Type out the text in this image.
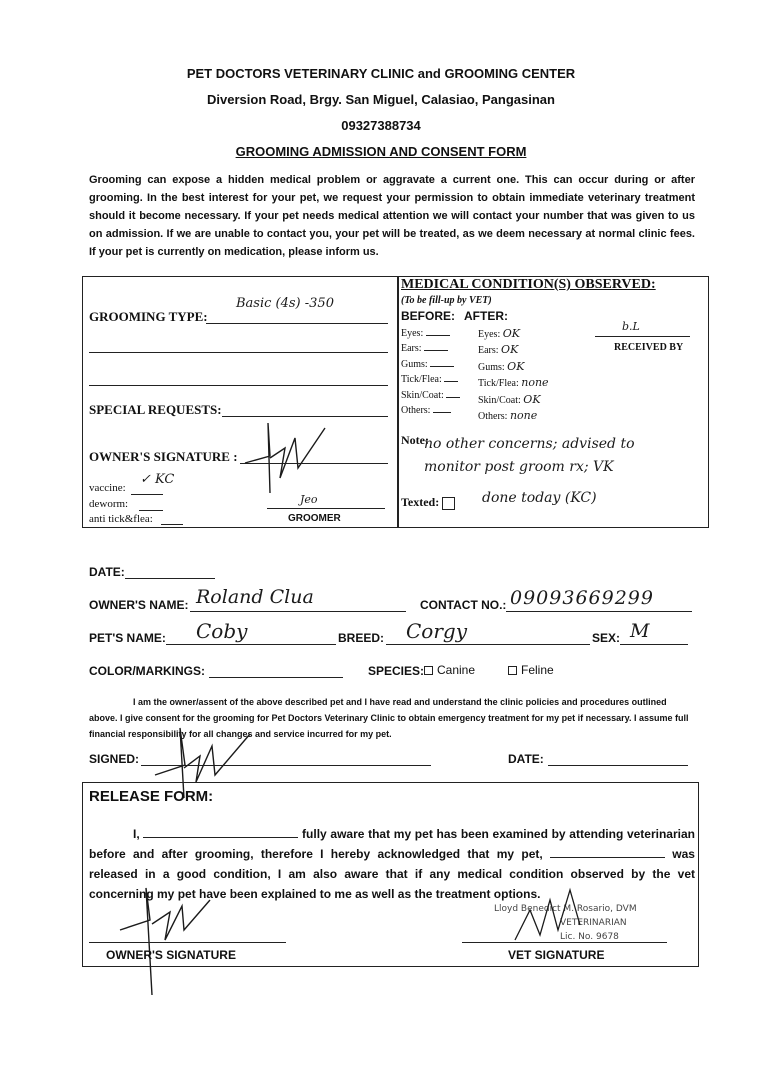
PET DOCTORS VETERINARY CLINIC and GROOMING CENTER
Diversion Road, Brgy. San Miguel, Calasiao, Pangasinan
09327388734
GROOMING ADMISSION AND CONSENT FORM
Grooming can expose a hidden medical problem or aggravate a current one. This can occur during or after grooming. In the best interest for your pet, we request your permission to obtain immediate veterinary treatment should it become necessary. If your pet needs medical attention we will contact your number that was given to us on admission. If we are unable to contact you, your pet will be treated, as we deem necessary at normal clinic fees. If your pet is currently on medication, please inform us.
GROOMING TYPE:
Basic (4s) -350
SPECIAL REQUESTS:
OWNER'S SIGNATURE :
vaccine:
✓ KC
deworm:
anti tick&flea:
Jeo
GROOMER
MEDICAL CONDITION(S) OBSERVED:
(To be fill-up by VET)
BEFORE: AFTER:
Eyes:
Ears:
Gums:
Tick/Flea:
Skin/Coat:
Others:
Eyes: OK
Ears: OK
Gums: OK
Tick/Flea: none
Skin/Coat: OK
Others: none
b.L
RECEIVED BY
Note:
no other concerns; advised to
monitor post groom rx; VK
Texted:	done today (KC)
DATE:
OWNER'S NAME: Roland Clua	CONTACT NO.: 09093669299
PET'S NAME: Coby	BREED: Corgy	SEX: M
COLOR/MARKINGS:	SPECIES:	Canine	Feline
I am the owner/assent of the above described pet and I have read and understand the clinic policies and procedures outlined above. I give consent for the grooming for Pet Doctors Veterinary Clinic to obtain emergency treatment for my pet if necessary. I assume full financial responsibility for all changes and service incurred for my pet.
SIGNED:	DATE:
RELEASE FORM:
I,	fully aware that my pet has been examined by attending veterinarian before and after grooming, therefore I hereby acknowledged that my pet,	was released in a good condition, I am also aware that if any medical condition observed by the vet concerning my pet have been explained to me as well as the treatment options.
OWNER'S SIGNATURE
Lloyd Benedict M. Rosario, DVM
VETERINARIAN
Lic. No. 9678
VET SIGNATURE
